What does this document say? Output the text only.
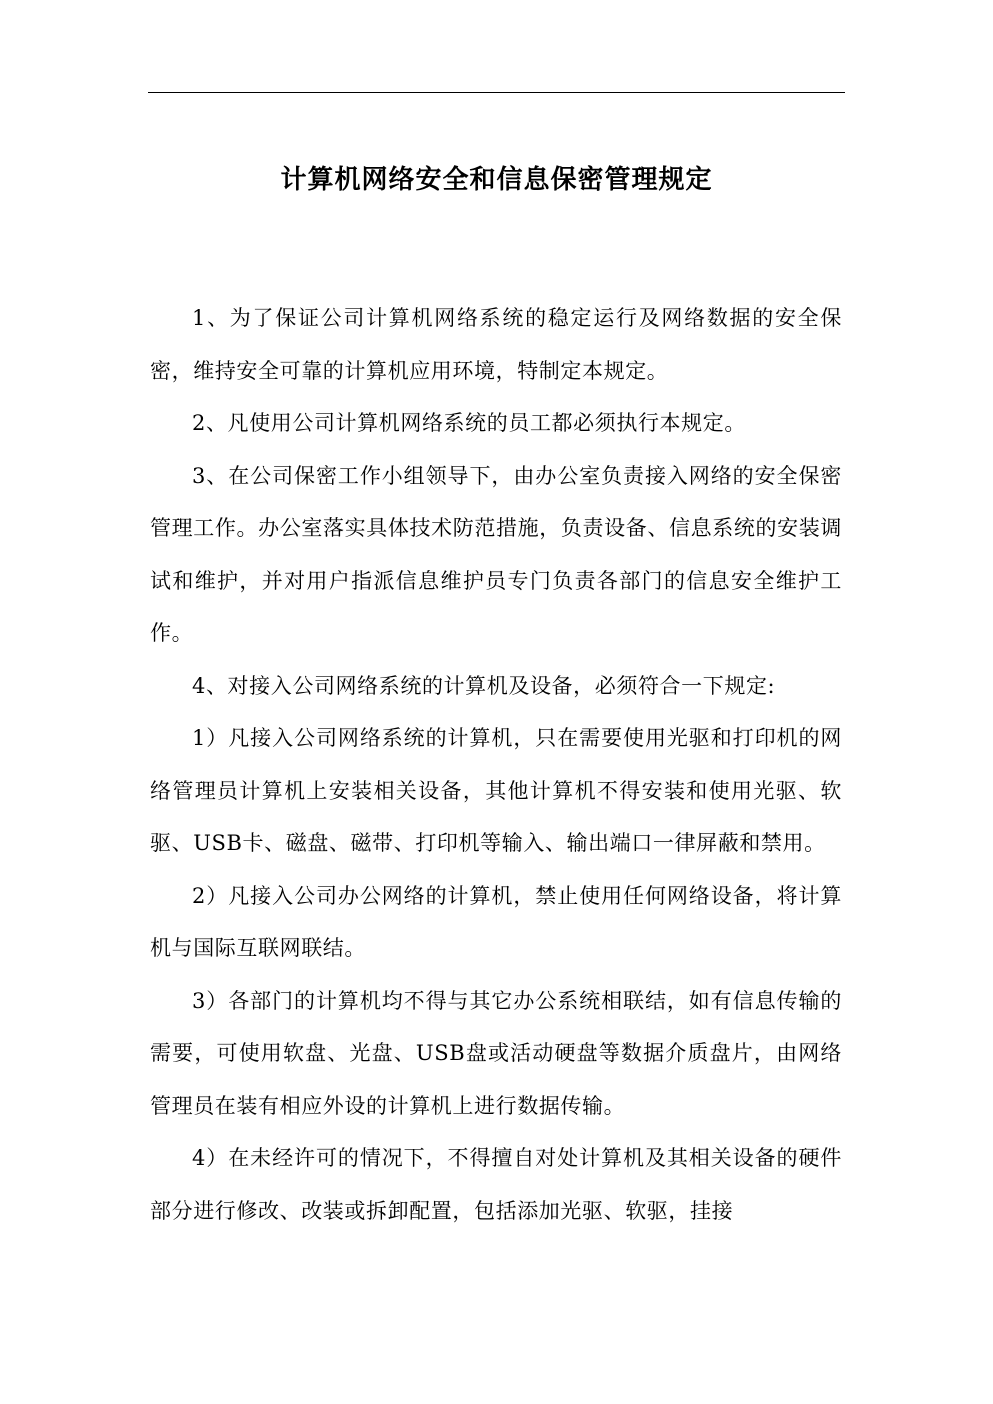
计算机网络安全和信息保密管理规定

1、为了保证公司计算机网络系统的稳定运行及网络数据的安全保密，维持安全可靠的计算机应用环境，特制定本规定。

2、凡使用公司计算机网络系统的员工都必须执行本规定。

3、在公司保密工作小组领导下，由办公室负责接入网络的安全保密管理工作。办公室落实具体技术防范措施，负责设备、信息系统的安装调试和维护，并对用户指派信息维护员专门负责各部门的信息安全维护工作。

4、对接入公司网络系统的计算机及设备，必须符合一下规定:

1）凡接入公司网络系统的计算机，只在需要使用光驱和打印机的网络管理员计算机上安装相关设备，其他计算机不得安装和使用光驱、软驱、USB卡、磁盘、磁带、打印机等输入、输出端口一律屏蔽和禁用。

2）凡接入公司办公网络的计算机，禁止使用任何网络设备，将计算机与国际互联网联结。

3）各部门的计算机均不得与其它办公系统相联结，如有信息传输的需要，可使用软盘、光盘、USB盘或活动硬盘等数据介质盘片，由网络管理员在装有相应外设的计算机上进行数据传输。

4）在未经许可的情况下，不得擅自对处计算机及其相关设备的硬件部分进行修改、改装或拆卸配置，包括添加光驱、软驱，挂接
